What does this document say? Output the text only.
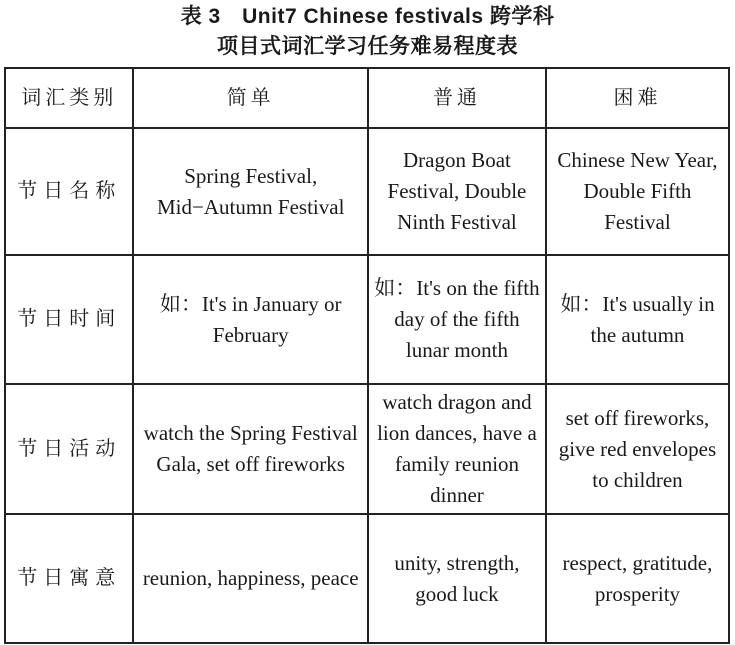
表 3　Unit7 Chinese festivals 跨学科
项目式词汇学习任务难易程度表
词汇类别	简单	普通	困难
节日名称	Spring Festival, Mid−Autumn Festival	Dragon Boat Festival, Double Ninth Festival	Chinese New Year, Double Fifth Festival
节日时间	如：It's in January or February	如：It's on the fifth day of the fifth lunar month	如：It's usually in the autumn
节日活动	watch the Spring Festival Gala, set off fireworks	watch dragon and lion dances, have a family reunion dinner	set off fireworks, give red envelopes to children
节日寓意	reunion, happiness, peace	unity, strength, good luck	respect, gratitude, prosperity
